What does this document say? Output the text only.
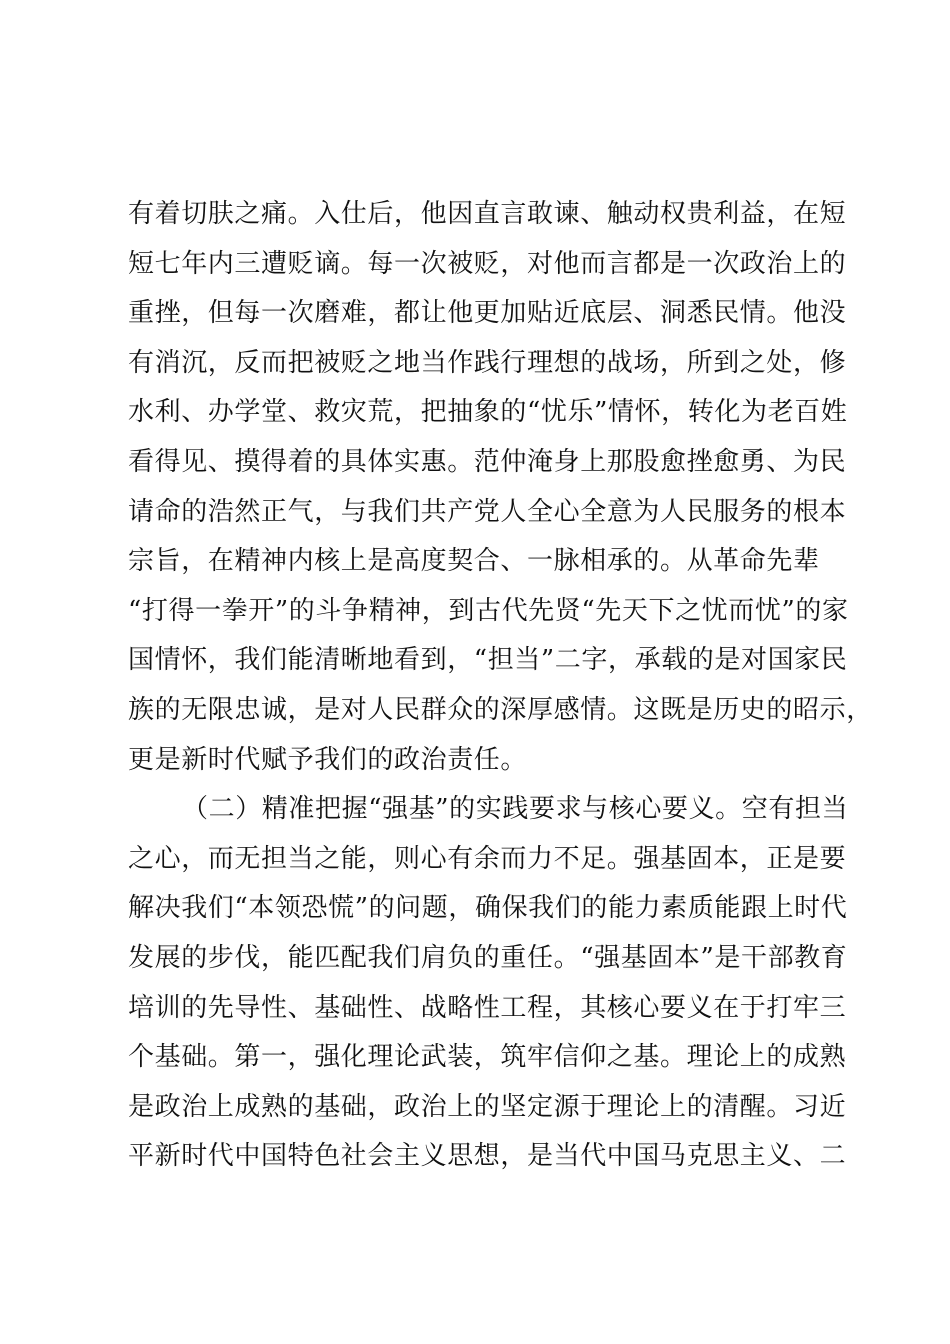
有着切肤之痛。入仕后，他因直言敢谏、触动权贵利益，在短
短七年内三遭贬谪。每一次被贬，对他而言都是一次政治上的
重挫，但每一次磨难，都让他更加贴近底层、洞悉民情。他没
有消沉，反而把被贬之地当作践行理想的战场，所到之处，修
水利、办学堂、救灾荒，把抽象的“忧乐”情怀，转化为老百姓
看得见、摸得着的具体实惠。范仲淹身上那股愈挫愈勇、为民
请命的浩然正气，与我们共产党人全心全意为人民服务的根本
宗旨，在精神内核上是高度契合、一脉相承的。从革命先辈
“打得一拳开”的斗争精神，到古代先贤“先天下之忧而忧”的家
国情怀，我们能清晰地看到，“担当”二字，承载的是对国家民
族的无限忠诚，是对人民群众的深厚感情。这既是历史的昭示，
更是新时代赋予我们的政治责任。
（二）精准把握“强基”的实践要求与核心要义。空有担当
之心，而无担当之能，则心有余而力不足。强基固本，正是要
解决我们“本领恐慌”的问题，确保我们的能力素质能跟上时代
发展的步伐，能匹配我们肩负的重任。“强基固本”是干部教育
培训的先导性、基础性、战略性工程，其核心要义在于打牢三
个基础。第一，强化理论武装，筑牢信仰之基。理论上的成熟
是政治上成熟的基础，政治上的坚定源于理论上的清醒。习近
平新时代中国特色社会主义思想，是当代中国马克思主义、二
